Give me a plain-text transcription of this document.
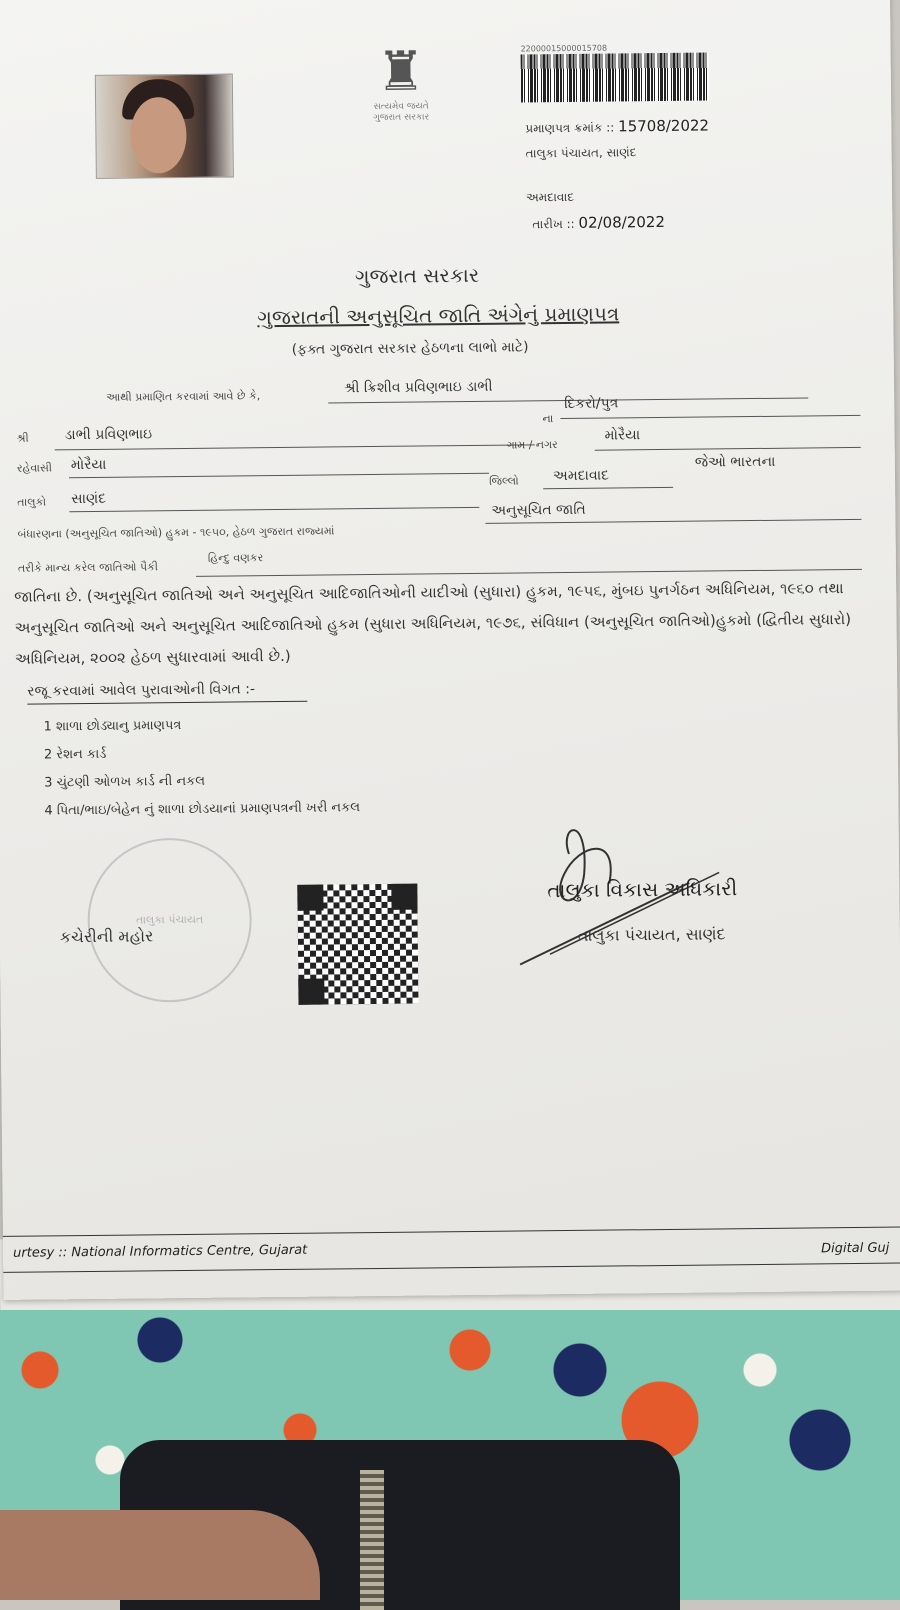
♜
સત્યમેવ જયતે ગુજરાત સરકાર
22000015000015708
પ્રમાણપત્ર ક્રમાંક :: 15708/2022
તાલુકા પંચાયત, સાણંદ
અમદાવાદ
તારીખ :: 02/08/2022
ગુજરાત સરકાર
ગુજરાતની અનુસૂચિત જાતિ અંગેનું પ્રમાણપત્ર
(ફક્ત ગુજરાત સરકાર હેઠળના લાભો માટે)
આથી પ્રમાણિત કરવામાં આવે છે કે,
શ્રી ક્રિશીવ પ્રવિણભાઇ ડાભી
શ્રી	ડાભી પ્રવિણભાઇ
ના
દિકરો/પુત્ર
રહેવાસી મોરૈયા
ગામ / નગર
મોરૈયા
તાલુકો સાણંદ
જિલ્લો અમદાવાદ
જેઓ ભારતના
બંધારણના (અનુસૂચિત જાતિઓ) હુકમ - ૧૯૫૦, હેઠળ ગુજરાત રાજ્યમાં
અનુસૂચિત જાતિ
તરીકે માન્ય કરેલ જાતિઓ પૈકી
હિન્દુ વણકર
જાતિના છે. (અનુસૂચિત જાતિઓ અને અનુસૂચિત આદિજાતિઓની યાદીઓ (સુધારા) હુકમ, ૧૯૫૬, મુંબઇ પુનર્ગઠન અધિનિયમ, ૧૯૬૦ તથા
અનુસૂચિત જાતિઓ અને અનુસૂચિત આદિજાતિઓ હુકમ (સુધારા અધિનિયમ, ૧૯૭૬, સંવિધાન (અનુસૂચિત જાતિઓ)હુકમો (દ્વિતીય સુધારો)
અધિનિયમ, ૨૦૦૨ હેઠળ સુધારવામાં આવી છે.)
રજૂ કરવામાં આવેલ પુરાવાઓની વિગત :-
1 શાળા છોડ્યાનુ પ્રમાણપત્ર
2 રેશન કાર્ડ
3 ચુંટણી ઓળખ કાર્ડ ની નકલ
4 પિતા/ભાઇ/બેહેન નું શાળા છોડયાનાં પ્રમાણપત્રની ખરી નકલ
તાલુકા પંચાયત
કચેરીની મહોર
તાલુકા વિકાસ અધિકારી
તાલુકા પંચાયત, સાણંદ
urtesy :: National Informatics Centre, Gujarat	Digital Guj
